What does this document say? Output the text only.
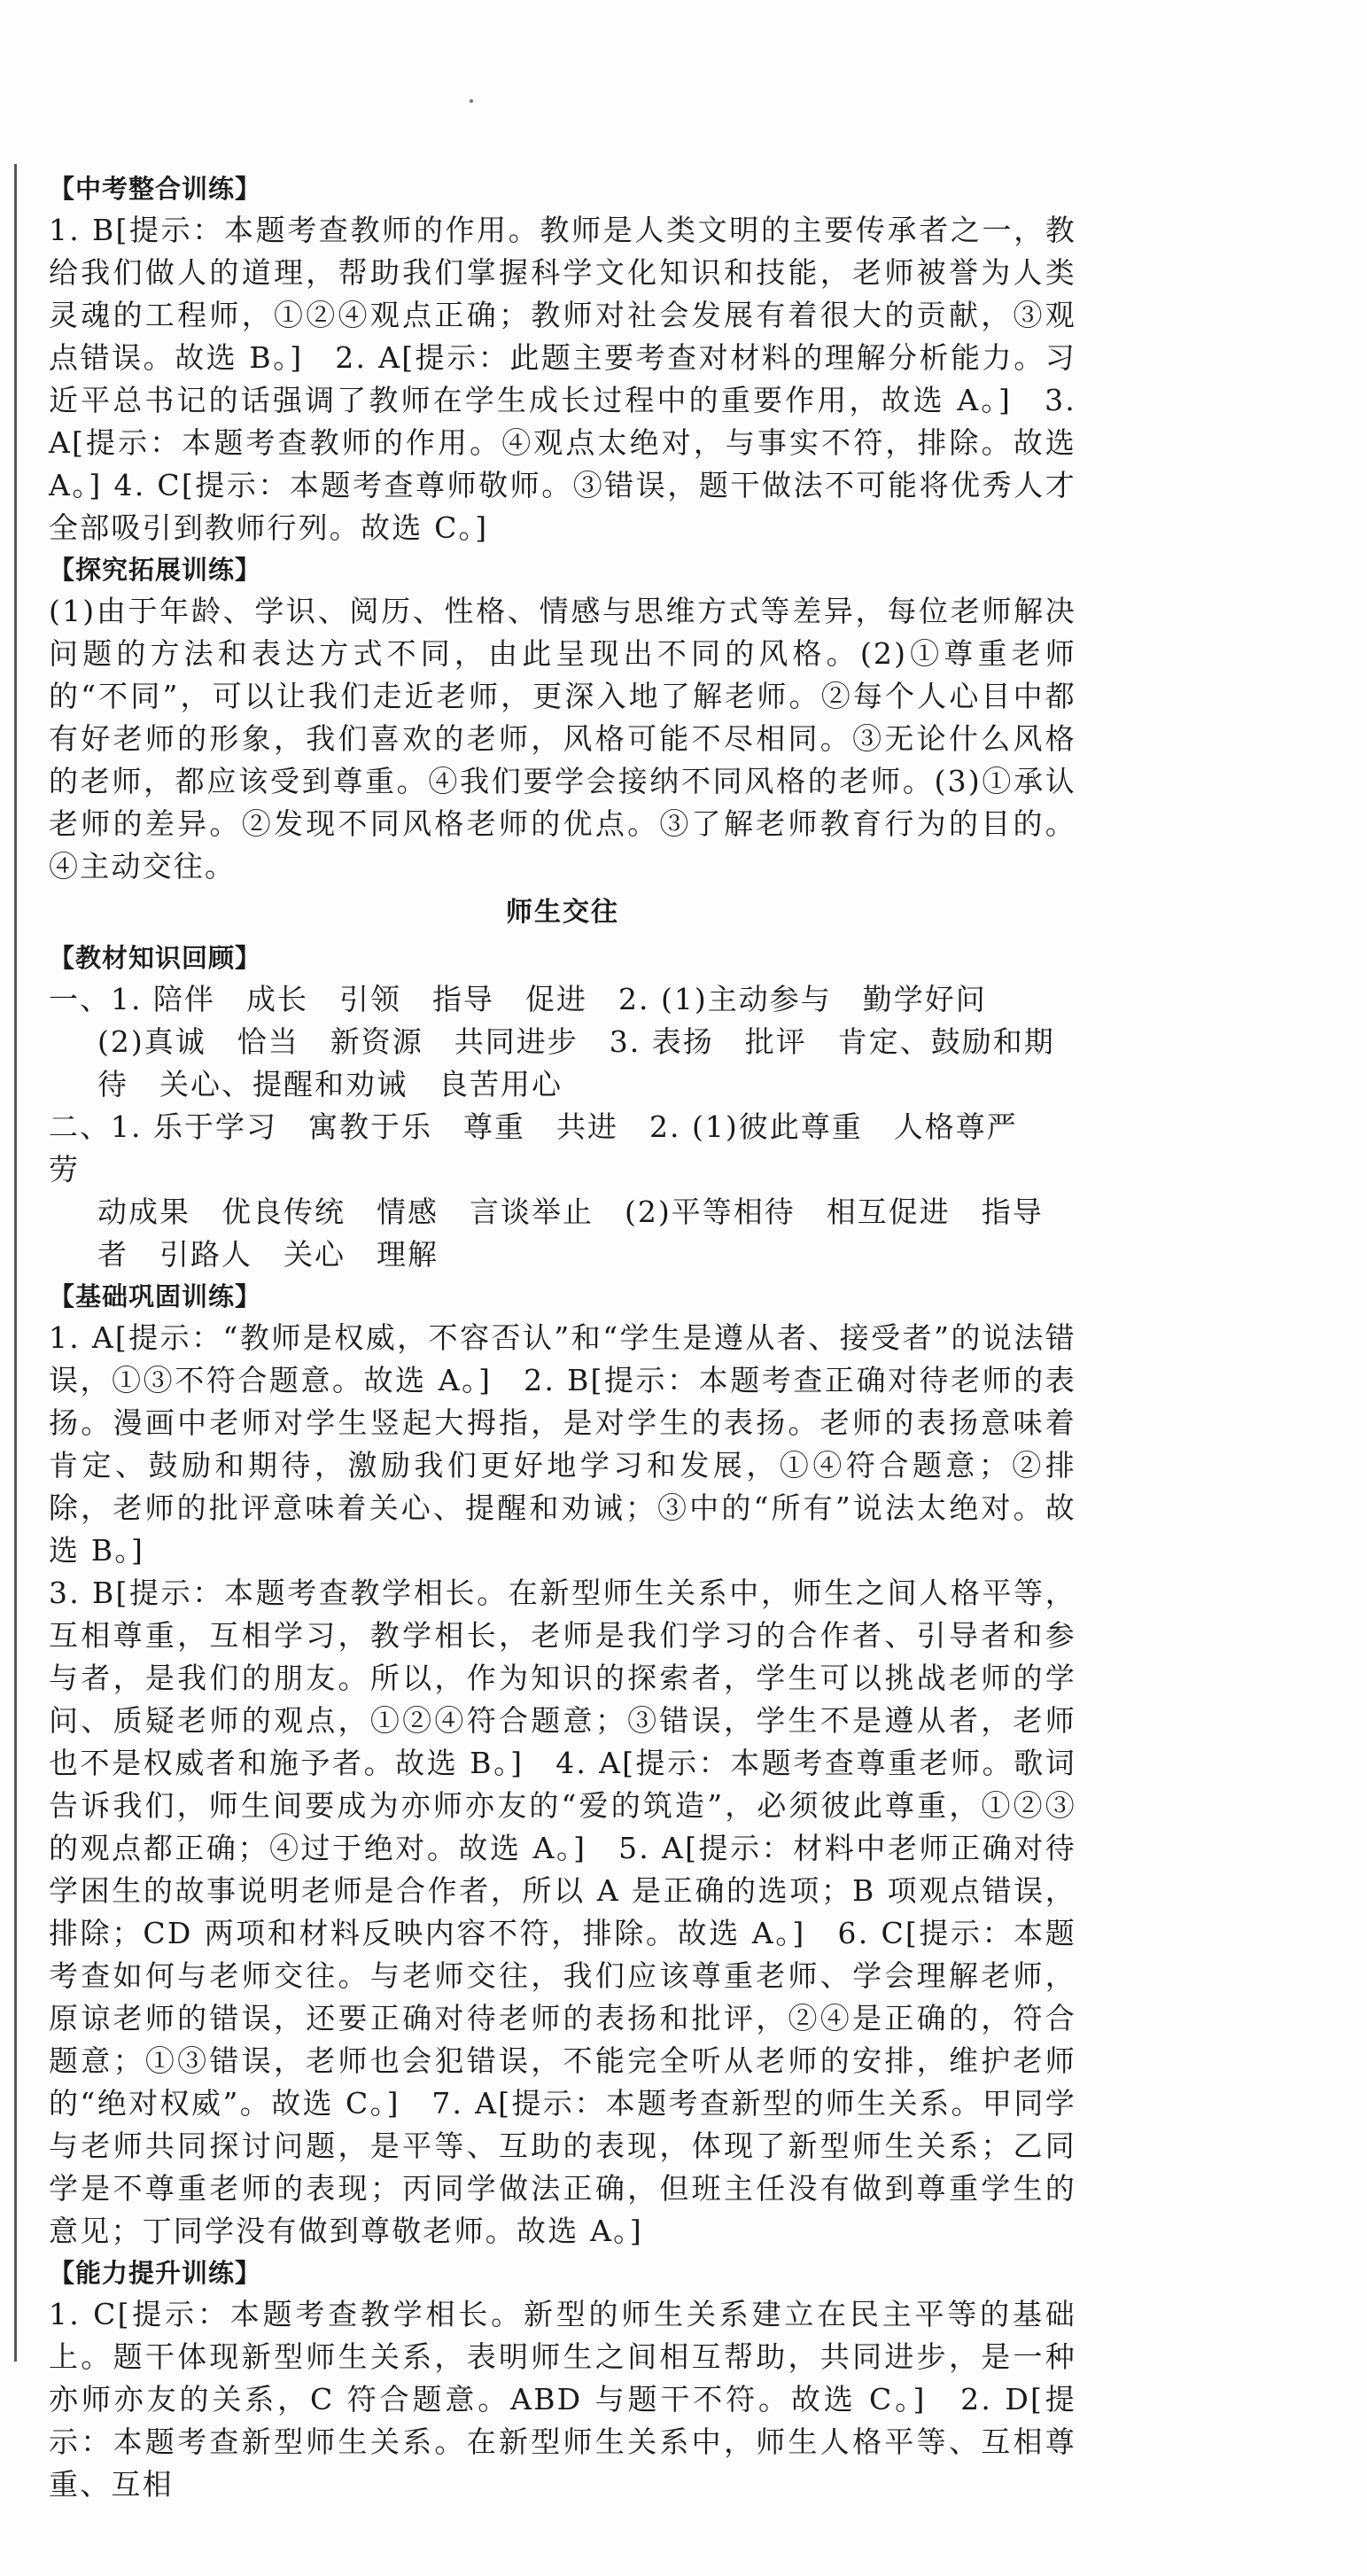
【中考整合训练】
1. B[提示：本题考查教师的作用。教师是人类文明的主要传承者之一，教给我们做人的道理，帮助我们掌握科学文化知识和技能，老师被誉为人类灵魂的工程师，①②④观点正确；教师对社会发展有着很大的贡献，③观点错误。故选 B。]　2. A[提示：此题主要考查对材料的理解分析能力。习近平总书记的话强调了教师在学生成长过程中的重要作用，故选 A。]　3. A[提示：本题考查教师的作用。④观点太绝对，与事实不符，排除。故选 A。] 4. C[提示：本题考查尊师敬师。③错误，题干做法不可能将优秀人才全部吸引到教师行列。故选 C。]
【探究拓展训练】
(1)由于年龄、学识、阅历、性格、情感与思维方式等差异，每位老师解决问题的方法和表达方式不同，由此呈现出不同的风格。(2)①尊重老师的“不同”，可以让我们走近老师，更深入地了解老师。②每个人心目中都有好老师的形象，我们喜欢的老师，风格可能不尽相同。③无论什么风格的老师，都应该受到尊重。④我们要学会接纳不同风格的老师。(3)①承认老师的差异。②发现不同风格老师的优点。③了解老师教育行为的目的。④主动交往。
师生交往
【教材知识回顾】
一、1. 陪伴　成长　引领　指导　促进　2. (1)主动参与　勤学好问
(2)真诚　恰当　新资源　共同进步　3. 表扬　批评　肯定、鼓励和期
待　关心、提醒和劝诫　良苦用心
二、1. 乐于学习　寓教于乐　尊重　共进　2. (1)彼此尊重　人格尊严　劳
动成果　优良传统　情感　言谈举止　(2)平等相待　相互促进　指导
者　引路人　关心　理解
【基础巩固训练】
1. A[提示：“教师是权威，不容否认”和“学生是遵从者、接受者”的说法错误，①③不符合题意。故选 A。]　2. B[提示：本题考查正确对待老师的表扬。漫画中老师对学生竖起大拇指，是对学生的表扬。老师的表扬意味着肯定、鼓励和期待，激励我们更好地学习和发展，①④符合题意；②排除，老师的批评意味着关心、提醒和劝诫；③中的“所有”说法太绝对。故选 B。]
3. B[提示：本题考查教学相长。在新型师生关系中，师生之间人格平等，互相尊重，互相学习，教学相长，老师是我们学习的合作者、引导者和参与者，是我们的朋友。所以，作为知识的探索者，学生可以挑战老师的学问、质疑老师的观点，①②④符合题意；③错误，学生不是遵从者，老师也不是权威者和施予者。故选 B。]　4. A[提示：本题考查尊重老师。歌词告诉我们，师生间要成为亦师亦友的“爱的筑造”，必须彼此尊重，①②③的观点都正确；④过于绝对。故选 A。]　5. A[提示：材料中老师正确对待学困生的故事说明老师是合作者，所以 A 是正确的选项；B 项观点错误，排除；CD 两项和材料反映内容不符，排除。故选 A。]　6. C[提示：本题考查如何与老师交往。与老师交往，我们应该尊重老师、学会理解老师，原谅老师的错误，还要正确对待老师的表扬和批评，②④是正确的，符合题意；①③错误，老师也会犯错误，不能完全听从老师的安排，维护老师的“绝对权威”。故选 C。]　7. A[提示：本题考查新型的师生关系。甲同学与老师共同探讨问题，是平等、互助的表现，体现了新型师生关系；乙同学是不尊重老师的表现；丙同学做法正确，但班主任没有做到尊重学生的意见；丁同学没有做到尊敬老师。故选 A。]
【能力提升训练】
1. C[提示：本题考查教学相长。新型的师生关系建立在民主平等的基础上。题干体现新型师生关系，表明师生之间相互帮助，共同进步，是一种亦师亦友的关系，C 符合题意。ABD 与题干不符。故选 C。]　2. D[提示：本题考查新型师生关系。在新型师生关系中，师生人格平等、互相尊重、互相
